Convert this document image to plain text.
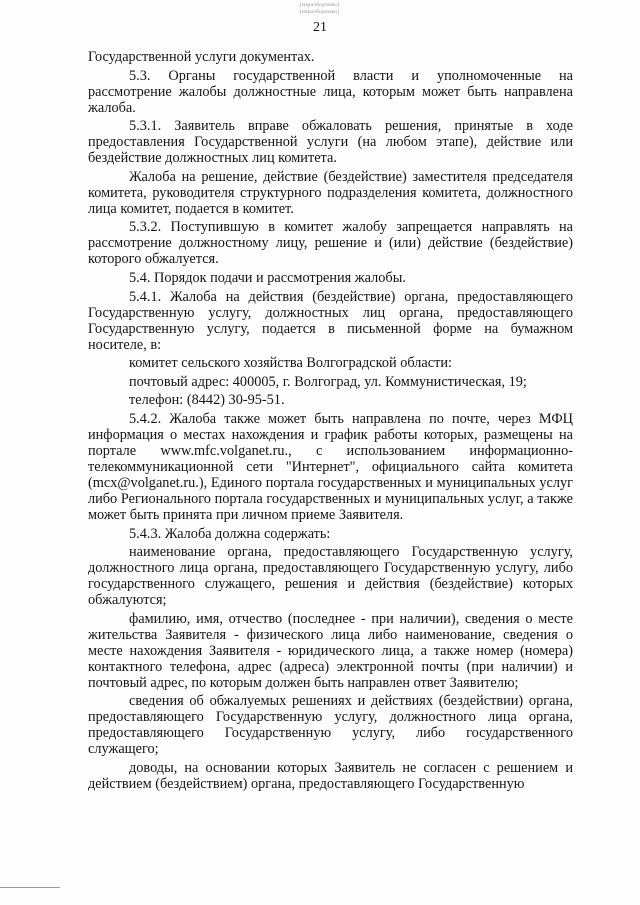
[неразборчиво]
[неразборчиво]
21

Государственной услуги документах.

5.3. Органы государственной власти и уполномоченные на рассмотрение жалобы должностные лица, которым может быть направлена жалоба.

5.3.1. Заявитель вправе обжаловать решения, принятые в ходе предоставления Государственной услуги (на любом этапе), действие или бездействие должностных лиц комитета.

Жалоба на решение, действие (бездействие) заместителя председателя комитета, руководителя структурного подразделения комитета, должностного лица комитет, подается в комитет.

5.3.2. Поступившую в комитет жалобу запрещается направлять на рассмотрение должностному лицу, решение и (или) действие (бездействие) которого обжалуется.

5.4. Порядок подачи и рассмотрения жалобы.

5.4.1. Жалоба на действия (бездействие) органа, предоставляющего Государственную услугу, должностных лиц органа, предоставляющего Государственную услугу, подается в письменной форме на бумажном носителе, в:

комитет сельского хозяйства Волгоградской области:

почтовый адрес: 400005, г. Волгоград, ул. Коммунистическая, 19;

телефон: (8442) 30-95-51.

5.4.2. Жалоба также может быть направлена по почте, через МФЦ информация о местах нахождения и график работы которых, размещены на портале www.mfc.volganet.ru., с использованием информационно-телекоммуникационной сети "Интернет", официального сайта комитета (mcx@volganet.ru.), Единого портала государственных и муниципальных услуг либо Регионального портала государственных и муниципальных услуг, а также может быть принята при личном приеме Заявителя.

5.4.3. Жалоба должна содержать:

наименование органа, предоставляющего Государственную услугу, должностного лица органа, предоставляющего Государственную услугу, либо государственного служащего, решения и действия (бездействие) которых обжалуются;

фамилию, имя, отчество (последнее - при наличии), сведения о месте жительства Заявителя - физического лица либо наименование, сведения о месте нахождения Заявителя - юридического лица, а также номер (номера) контактного телефона, адрес (адреса) электронной почты (при наличии) и почтовый адрес, по которым должен быть направлен ответ Заявителю;

сведения об обжалуемых решениях и действиях (бездействии) органа, предоставляющего Государственную услугу, должностного лица органа, предоставляющего Государственную услугу, либо государственного служащего;

доводы, на основании которых Заявитель не согласен с решением и действием (бездействием) органа, предоставляющего Государственную
